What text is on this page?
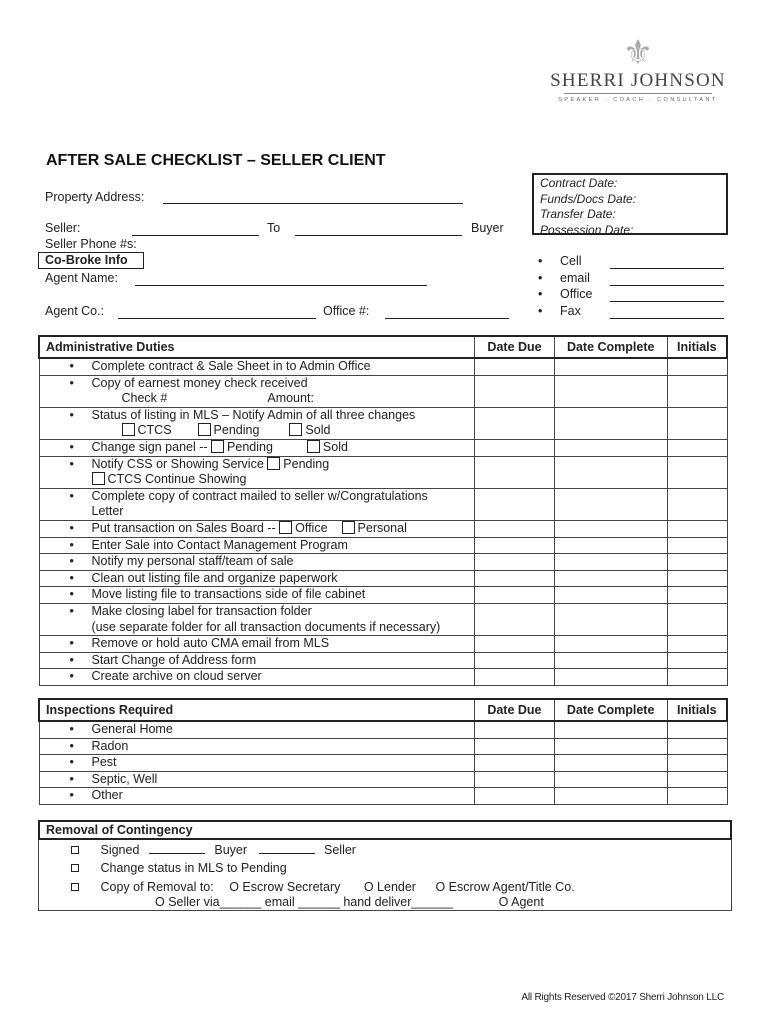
⚜
SHERRI JOHNSON
SPEAKER · COACH · CONSULTANT
AFTER SALE CHECKLIST – SELLER CLIENT
Property Address:
Seller:	To	Buyer
Seller Phone #s:
Co-Broke Info
Agent Name:
Agent Co.:	Office #:
Contract Date:
Funds/Docs Date:
Transfer Date:
Possession Date:
• Cell
• email
• Office
• Fax
Administrative Duties	Date Due	Date Complete	Initials

• Complete contract & Sale Sheet in to Admin Office			

• Copy of earnest money check received
Check # Amount:			

• Status of listing in MLS – Notify Admin of all three changes
CTCS Pending Sold			

• Change sign panel -- Pending Sold			

• Notify CSS or Showing Service Pending
CTCS Continue Showing			

• Complete copy of contract mailed to seller w/Congratulations
Letter			

• Put transaction on Sales Board -- Office Personal			

• Enter Sale into Contact Management Program			

• Notify my personal staff/team of sale			

• Clean out listing file and organize paperwork			

• Move listing file to transactions side of file cabinet			

• Make closing label for transaction folder
(use separate folder for all transaction documents if necessary)			

• Remove or hold auto CMA email from MLS			

• Start Change of Address form			

• Create archive on cloud server			

Inspections Required	Date Due	Date Complete	Initials

• General Home			

• Radon			

• Pest			

• Septic, Well			

• Other			

Removal of Contingency
Signed	Buyer	Seller
Change status in MLS to Pending
Copy of Removal to: O Escrow Secretary O Lender O Escrow Agent/Title Co.
O Seller via______ email ______ hand deliver______	O Agent
All Rights Reserved ©2017 Sherri Johnson LLC
